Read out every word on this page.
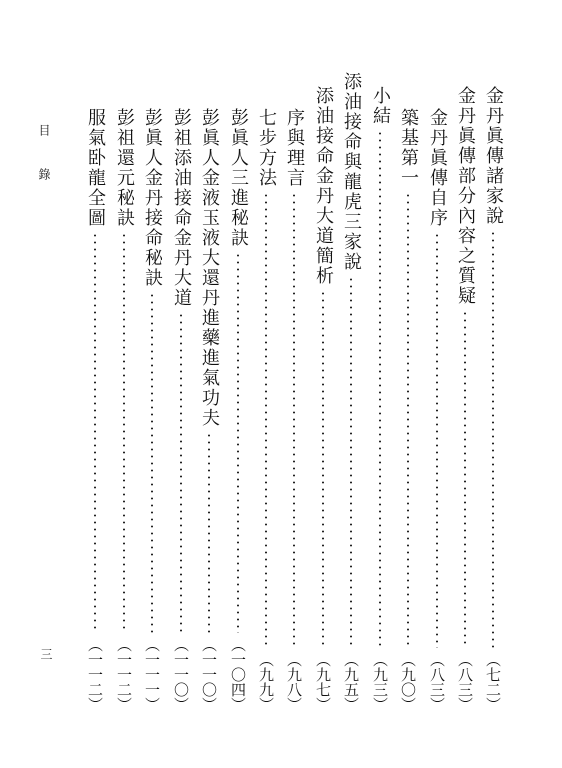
金丹眞傳諸家說
（七二）
金丹眞傳部分內容之質疑
（八三）
金丹眞傳自序
（八三）
築基第一
（九〇）
小結
（九三）
添油接命與龍虎三家說
（九五）
添油接命金丹大道簡析
（九七）
序與理言
（九八）
七步方法
（九九）
彭眞人三進秘訣
（一〇四）
彭眞人金液玉液大還丹進藥進氣功夫
（一一〇）
彭祖添油接命金丹大道
（一一〇）
彭眞人金丹接命秘訣
（一一一）
彭祖還元秘訣
（一一二）
服氣卧龍全圖
（一一二）
目 錄
三
